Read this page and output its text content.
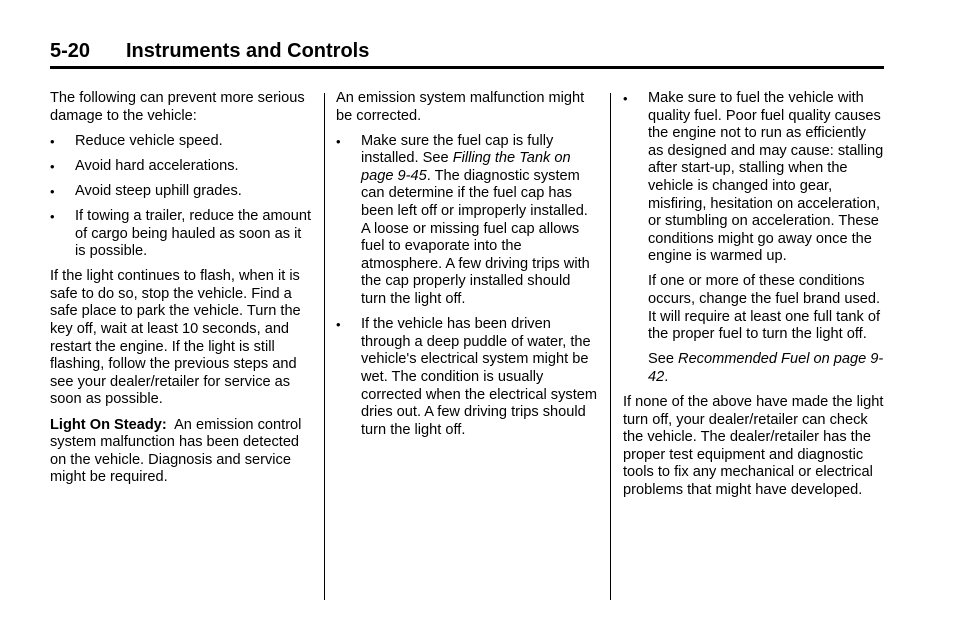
5-20 Instruments and Controls

The following can prevent more serious damage to the vehicle:

• Reduce vehicle speed.
• Avoid hard accelerations.
• Avoid steep uphill grades.
• If towing a trailer, reduce the amount of cargo being hauled as soon as it is possible.

If the light continues to flash, when it is safe to do so, stop the vehicle. Find a safe place to park the vehicle. Turn the key off, wait at least 10 seconds, and restart the engine. If the light is still flashing, follow the previous steps and see your dealer/retailer for service as soon as possible.

Light On Steady: An emission control system malfunction has been detected on the vehicle. Diagnosis and service might be required.

An emission system malfunction might be corrected.

• Make sure the fuel cap is fully installed. See Filling the Tank on page 9-45. The diagnostic system can determine if the fuel cap has been left off or improperly installed. A loose or missing fuel cap allows fuel to evaporate into the atmosphere. A few driving trips with the cap properly installed should turn the light off.
• If the vehicle has been driven through a deep puddle of water, the vehicle's electrical system might be wet. The condition is usually corrected when the electrical system dries out. A few driving trips should turn the light off.
• Make sure to fuel the vehicle with quality fuel. Poor fuel quality causes the engine not to run as efficiently as designed and may cause: stalling after start-up, stalling when the vehicle is changed into gear, misfiring, hesitation on acceleration, or stumbling on acceleration. These conditions might go away once the engine is warmed up.

If one or more of these conditions occurs, change the fuel brand used. It will require at least one full tank of the proper fuel to turn the light off.

See Recommended Fuel on page 9-42.

If none of the above have made the light turn off, your dealer/retailer can check the vehicle. The dealer/retailer has the proper test equipment and diagnostic tools to fix any mechanical or electrical problems that might have developed.
